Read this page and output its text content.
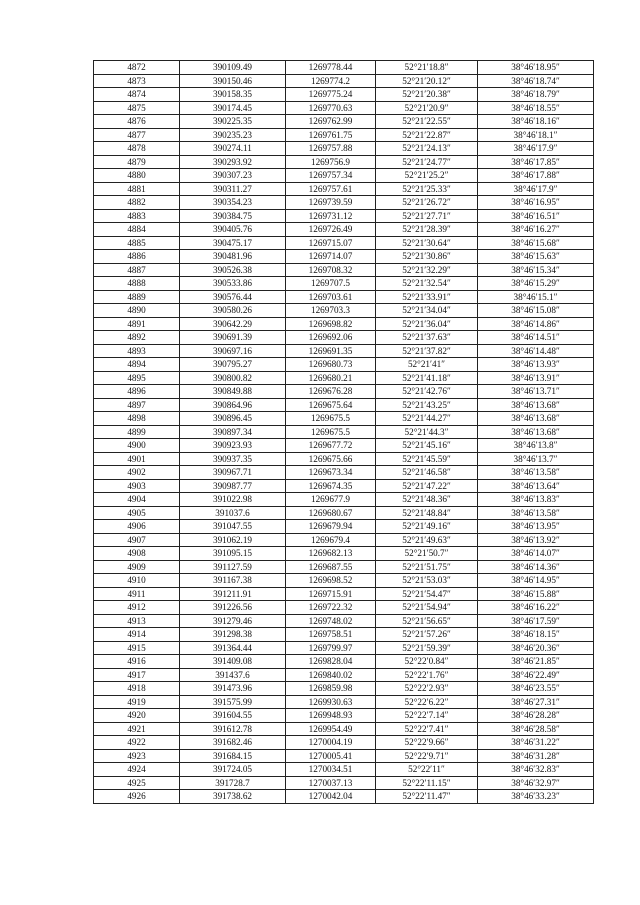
4872	390109.49	1269778.44	52°21′18.8″	38°46′18.95″
4873	390150.46	1269774.2	52°21′20.12″	38°46′18.74″
4874	390158.35	1269775.24	52°21′20.38″	38°46′18.79″
4875	390174.45	1269770.63	52°21′20.9″	38°46′18.55″
4876	390225.35	1269762.99	52°21′22.55″	38°46′18.16″
4877	390235.23	1269761.75	52°21′22.87″	38°46′18.1″
4878	390274.11	1269757.88	52°21′24.13″	38°46′17.9″
4879	390293.92	1269756.9	52°21′24.77″	38°46′17.85″
4880	390307.23	1269757.34	52°21′25.2″	38°46′17.88″
4881	390311.27	1269757.61	52°21′25.33″	38°46′17.9″
4882	390354.23	1269739.59	52°21′26.72″	38°46′16.95″
4883	390384.75	1269731.12	52°21′27.71″	38°46′16.51″
4884	390405.76	1269726.49	52°21′28.39″	38°46′16.27″
4885	390475.17	1269715.07	52°21′30.64″	38°46′15.68″
4886	390481.96	1269714.07	52°21′30.86″	38°46′15.63″
4887	390526.38	1269708.32	52°21′32.29″	38°46′15.34″
4888	390533.86	1269707.5	52°21′32.54″	38°46′15.29″
4889	390576.44	1269703.61	52°21′33.91″	38°46′15.1″
4890	390580.26	1269703.3	52°21′34.04″	38°46′15.08″
4891	390642.29	1269698.82	52°21′36.04″	38°46′14.86″
4892	390691.39	1269692.06	52°21′37.63″	38°46′14.51″
4893	390697.16	1269691.35	52°21′37.82″	38°46′14.48″
4894	390795.27	1269680.73	52°21′41″	38°46′13.93″
4895	390800.82	1269680.21	52°21′41.18″	38°46′13.91″
4896	390849.88	1269676.28	52°21′42.76″	38°46′13.71″
4897	390864.96	1269675.64	52°21′43.25″	38°46′13.68″
4898	390896.45	1269675.5	52°21′44.27″	38°46′13.68″
4899	390897.34	1269675.5	52°21′44.3″	38°46′13.68″
4900	390923.93	1269677.72	52°21′45.16″	38°46′13.8″
4901	390937.35	1269675.66	52°21′45.59″	38°46′13.7″
4902	390967.71	1269673.34	52°21′46.58″	38°46′13.58″
4903	390987.77	1269674.35	52°21′47.22″	38°46′13.64″
4904	391022.98	1269677.9	52°21′48.36″	38°46′13.83″
4905	391037.6	1269680.67	52°21′48.84″	38°46′13.58″
4906	391047.55	1269679.94	52°21′49.16″	38°46′13.95″
4907	391062.19	1269679.4	52°21′49.63″	38°46′13.92″
4908	391095.15	1269682.13	52°21′50.7″	38°46′14.07″
4909	391127.59	1269687.55	52°21′51.75″	38°46′14.36″
4910	391167.38	1269698.52	52°21′53.03″	38°46′14.95″
4911	391211.91	1269715.91	52°21′54.47″	38°46′15.88″
4912	391226.56	1269722.32	52°21′54.94″	38°46′16.22″
4913	391279.46	1269748.02	52°21′56.65″	38°46′17.59″
4914	391298.38	1269758.51	52°21′57.26″	38°46′18.15″
4915	391364.44	1269799.97	52°21′59.39″	38°46′20.36″
4916	391409.08	1269828.04	52°22′0.84″	38°46′21.85″
4917	391437.6	1269840.02	52°22′1.76″	38°46′22.49″
4918	391473.96	1269859.98	52°22′2.93″	38°46′23.55″
4919	391575.99	1269930.63	52°22′6.22″	38°46′27.31″
4920	391604.55	1269948.93	52°22′7.14″	38°46′28.28″
4921	391612.78	1269954.49	52°22′7.41″	38°46′28.58″
4922	391682.46	1270004.19	52°22′9.66″	38°46′31.22″
4923	391684.15	1270005.41	52°22′9.71″	38°46′31.28″
4924	391724.05	1270034.51	52°22′11″	38°46′32.83″
4925	391728.7	1270037.13	52°22′11.15″	38°46′32.97″
4926	391738.62	1270042.04	52°22′11.47″	38°46′33.23″
